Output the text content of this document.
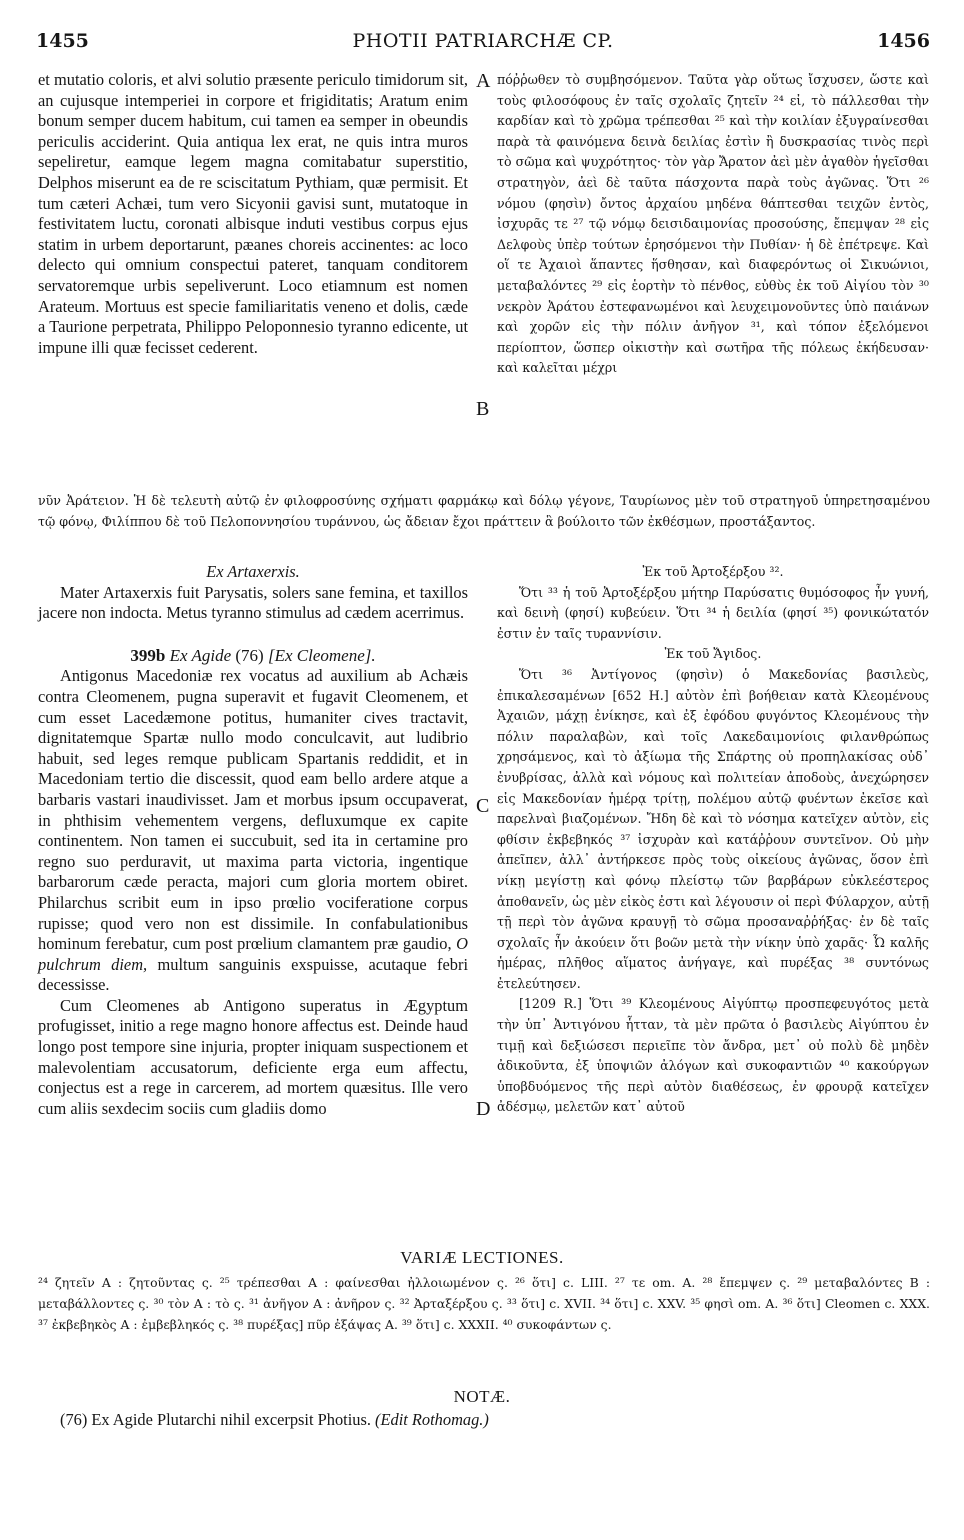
1455	PHOTII PATRIARCHÆ CP.	1456
A
B
C
D

et mutatio coloris, et alvi solutio præsente periculo timidorum sit, an cujusque intemperiei in corpore et frigiditatis; Aratum enim bonum semper ducem habitum, cui tamen ea semper in obeundis periculis acciderint. Quia antiqua lex erat, ne quis intra muros sepeliretur, eamque legem magna comitabatur superstitio, Delphos miserunt ea de re sciscitatum Pythiam, quæ permisit. Et tum cæteri Achæi, tum vero Sicyonii gavisi sunt, mutatoque in festivitatem luctu, coronati albisque induti vestibus corpus ejus statim in urbem deportarunt, pæanes choreis accinentes: ac loco delecto qui omnium conspectui pateret, tanquam conditorem servatoremque urbis sepeliverunt. Loco etiamnum est nomen Arateum. Mortuus est specie familiaritatis veneno et dolis, cæde a Taurione perpetrata, Philippo Peloponnesio tyranno edicente, ut impune illi quæ fecisset cederent.

πόῤῥωθεν τὸ συμβησόμενον. Ταῦτα γὰρ οὕτως ἴσχυσεν, ὥστε καὶ τοὺς φιλοσόφους ἐν ταῖς σχολαῖς ζητεῖν ²⁴ εἰ, τὸ πάλλεσθαι τὴν καρδίαν καὶ τὸ χρῶμα τρέπεσθαι ²⁵ καὶ τὴν κοιλίαν ἐξυγραίνεσθαι παρὰ τὰ φαινόμενα δεινὰ δειλίας ἐστὶν ἢ δυσκρασίας τινὸς περὶ τὸ σῶμα καὶ ψυχρότητος· τὸν γὰρ Ἄρατον ἀεὶ μὲν ἀγαθὸν ἡγεῖσθαι στρατηγὸν, ἀεὶ δὲ ταῦτα πάσχοντα παρὰ τοὺς ἀγῶνας. Ὅτι ²⁶ νόμου (φησὶν) ὄντος ἀρχαίου μηδένα θάπτεσθαι τειχῶν ἐντὸς, ἰσχυρᾶς τε ²⁷ τῷ νόμῳ δεισιδαιμονίας προσούσης, ἔπεμψαν ²⁸ εἰς Δελφοὺς ὑπὲρ τούτων ἐρησόμενοι τὴν Πυθίαν· ἡ δὲ ἐπέτρεψε. Καὶ οἵ τε Ἀχαιοὶ ἅπαντες ἥσθησαν, καὶ διαφερόντως οἱ Σικυώνιοι, μεταβαλόντες ²⁹ εἰς ἑορτὴν τὸ πένθος, εὐθὺς ἐκ τοῦ Αἰγίου τὸν ³⁰ νεκρὸν Ἀράτου ἐστεφανωμένοι καὶ λευχειμονοῦντες ὑπὸ παιάνων καὶ χορῶν εἰς τὴν πόλιν ἀνῆγον ³¹, καὶ τόπον ἐξελόμενοι περίοπτον, ὥσπερ οἰκιστὴν καὶ σωτῆρα τῆς πόλεως ἐκήδευσαν· καὶ καλεῖται μέχρι

νῦν Ἀράτειον. Ἡ δὲ τελευτὴ αὐτῷ ἐν φιλοφροσύνης σχήματι φαρμάκῳ καὶ δόλῳ γέγονε, Ταυρίωνος μὲν τοῦ στρατηγοῦ ὑπηρετησαμένου τῷ φόνῳ, Φιλίππου δὲ τοῦ Πελοποννησίου τυράννου, ὡς ἄδειαν ἔχοι πράττειν ἃ βούλοιτο τῶν ἐκθέσμων, προστάξαντος.

Ex Artaxerxis.

Mater Artaxerxis fuit Parysatis, solers sane femina, et taxillos jacere non indocta. Metus tyranno stimulus ad cædem acerrimus.

399b Ex Agide (76) [Ex Cleomene].

Antigonus Macedoniæ rex vocatus ad auxilium ab Achæis contra Cleomenem, pugna superavit et fugavit Cleomenem, et cum esset Lacedæmone potitus, humaniter cives tractavit, dignitatemque Spartæ nullo modo conculcavit, aut ludibrio habuit, sed leges remque publicam Spartanis reddidit, et in Macedoniam tertio die discessit, quod eam bello ardere atque a barbaris vastari inaudivisset. Jam et morbus ipsum occupaverat, in phthisim vehementem vergens, defluxumque ex capite continentem. Non tamen ei succubuit, sed ita in certamine pro regno suo perduravit, ut maxima parta victoria, ingentique barbarorum cæde peracta, majori cum gloria mortem obiret. Philarchus scribit eum in ipso prœlio vociferatione corpus rupisse; quod vero non est dissimile. In confabulationibus hominum ferebatur, cum post prœlium clamantem præ gaudio, O pulchrum diem, multum sanguinis exspuisse, acutaque febri decessisse.

Cum Cleomenes ab Antigono superatus in Ægyptum profugisset, initio a rege magno honore affectus est. Deinde haud longo post tempore sine injuria, propter iniquam suspectionem et malevolentiam accusatorum, deficiente erga eum affectu, conjectus est a rege in carcerem, ad mortem quæsitus. Ille vero cum aliis sexdecim sociis cum gladiis domo

Ἐκ τοῦ Ἀρτοξέρξου ³².

Ὅτι ³³ ἡ τοῦ Ἀρτοξέρξου μήτηρ Παρύσατις θυμόσοφος ἦν γυνή, καὶ δεινὴ (φησί) κυβεύειν. Ὅτι ³⁴ ἡ δειλία (φησί ³⁵) φονικώτατόν ἐστιν ἐν ταῖς τυραννίσιν.

Ἐκ τοῦ Ἄγιδος.

Ὅτι ³⁶ Ἀντίγονος (φησὶν) ὁ Μακεδονίας βασιλεὺς, ἐπικαλεσαμένων [652 H.] αὐτὸν ἐπὶ βοήθειαν κατὰ Κλεομένους Ἀχαιῶν, μάχῃ ἐνίκησε, καὶ ἐξ ἐφόδου φυγόντος Κλεομένους τὴν πόλιν παραλαβὼν, καὶ τοῖς Λακεδαιμονίοις φιλανθρώπως χρησάμενος, καὶ τὸ ἀξίωμα τῆς Σπάρτης οὐ προπηλακίσας οὐδ᾽ ἐνυβρίσας, ἀλλὰ καὶ νόμους καὶ πολιτείαν ἀποδοὺς, ἀνεχώρησεν εἰς Μακεδονίαν ἡμέρᾳ τρίτῃ, πολέμου αὐτῷ φυέντων ἐκεῖσε καὶ παρελναὶ βιαζομένων. Ἤδη δὲ καὶ τὸ νόσημα κατεῖχεν αὐτὸν, εἰς φθίσιν ἐκβεβηκός ³⁷ ἰσχυρὰν καὶ κατάῤῥουν συντεῖνον. Οὐ μὴν ἀπεῖπεν, ἀλλ᾽ ἀντήρκεσε πρὸς τοὺς οἰκείους ἀγῶνας, ὅσον ἐπὶ νίκῃ μεγίστῃ καὶ φόνῳ πλείστῳ τῶν βαρβάρων εὐκλεέστερος ἀποθανεῖν, ὡς μὲν εἰκὸς ἐστι καὶ λέγουσιν οἱ περὶ Φύλαρχον, αὐτῇ τῇ περὶ τὸν ἀγῶνα κραυγῇ τὸ σῶμα προσαναῤῥήξας· ἐν δὲ ταῖς σχολαῖς ἦν ἀκούειν ὅτι βοῶν μετὰ τὴν νίκην ὑπὸ χαρᾶς· Ὦ καλῆς ἡμέρας, πλῆθος αἵματος ἀνήγαγε, καὶ πυρέξας ³⁸ συντόνως ἐτελεύτησεν.

[1209 R.] Ὅτι ³⁹ Κλεομένους Αἰγύπτῳ προσπεφευγότος μετὰ τὴν ὑπ᾽ Ἀντιγόνου ἧτταν, τὰ μὲν πρῶτα ὁ βασιλεὺς Αἰγύπτου ἐν τιμῇ καὶ δεξιώσεσι περιεῖπε τὸν ἄνδρα, μετ᾽ οὐ πολὺ δὲ μηδὲν ἀδικοῦντα, ἐξ ὑποψιῶν ἀλόγων καὶ συκοφαντιῶν ⁴⁰ κακούργων ὑποβδυόμενος τῆς περὶ αὐτὸν διαθέσεως, ἐν φρουρᾷ κατεῖχεν ἀδέσμῳ, μελετῶν κατ᾽ αὐτοῦ

VARIÆ LECTIONES.
²⁴ ζητεῖν A : ζητοῦντας ς. ²⁵ τρέπεσθαι A : φαίνεσθαι ἠλλοιωμένον ς. ²⁶ ὅτι] c. LIII. ²⁷ τε om. A. ²⁸ ἔπεμψεν ς. ²⁹ μεταβαλόντες B : μεταβάλλοντες ς. ³⁰ τὸν A : τὸ ς. ³¹ ἀνῆγον A : ἀνῆρον ς. ³² Ἀρταξέρξου ς. ³³ ὅτι] c. XVII. ³⁴ ὅτι] c. XXV. ³⁵ φησὶ om. A. ³⁶ ὅτι] Cleomen c. XXX. ³⁷ ἐκβεβηκὸς A : ἐμβεβληκός ς. ³⁸ πυρέξας] πῦρ ἐξάψας A. ³⁹ ὅτι] c. XXXII. ⁴⁰ συκοφάντων ς.
NOTÆ.
(76) Ex Agide Plutarchi nihil excerpsit Photius. (Edit Rothomag.)
